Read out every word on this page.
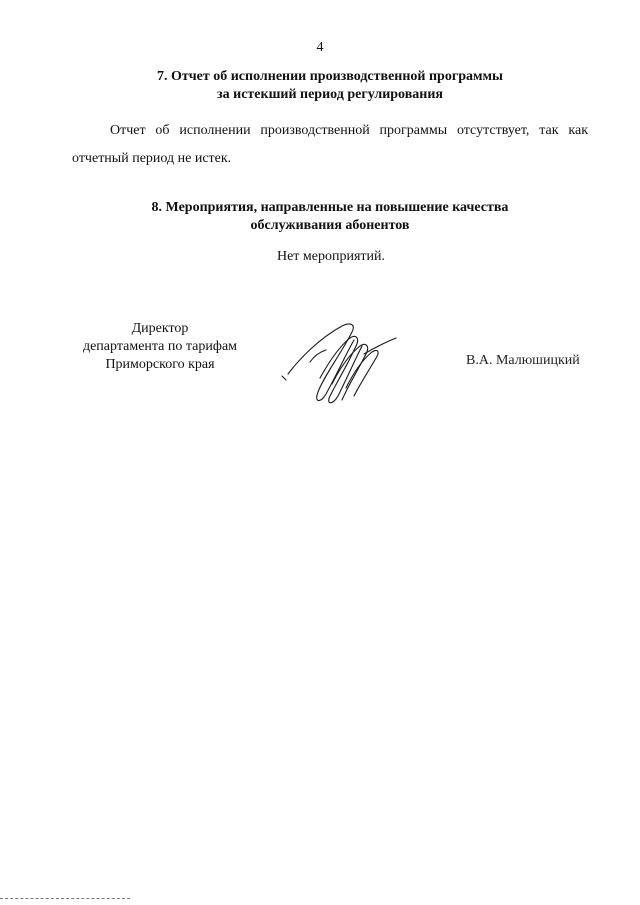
4
7. Отчет об исполнении производственной программы
за истекший период регулирования

Отчет об исполнении производственной программы отсутствует, так как
отчетный период не истек.

8. Мероприятия, направленные на повышение качества
обслуживания абонентов

Нет мероприятий.

Директор
департамента по тарифам
Приморского края	В.А. Малюшицкий
